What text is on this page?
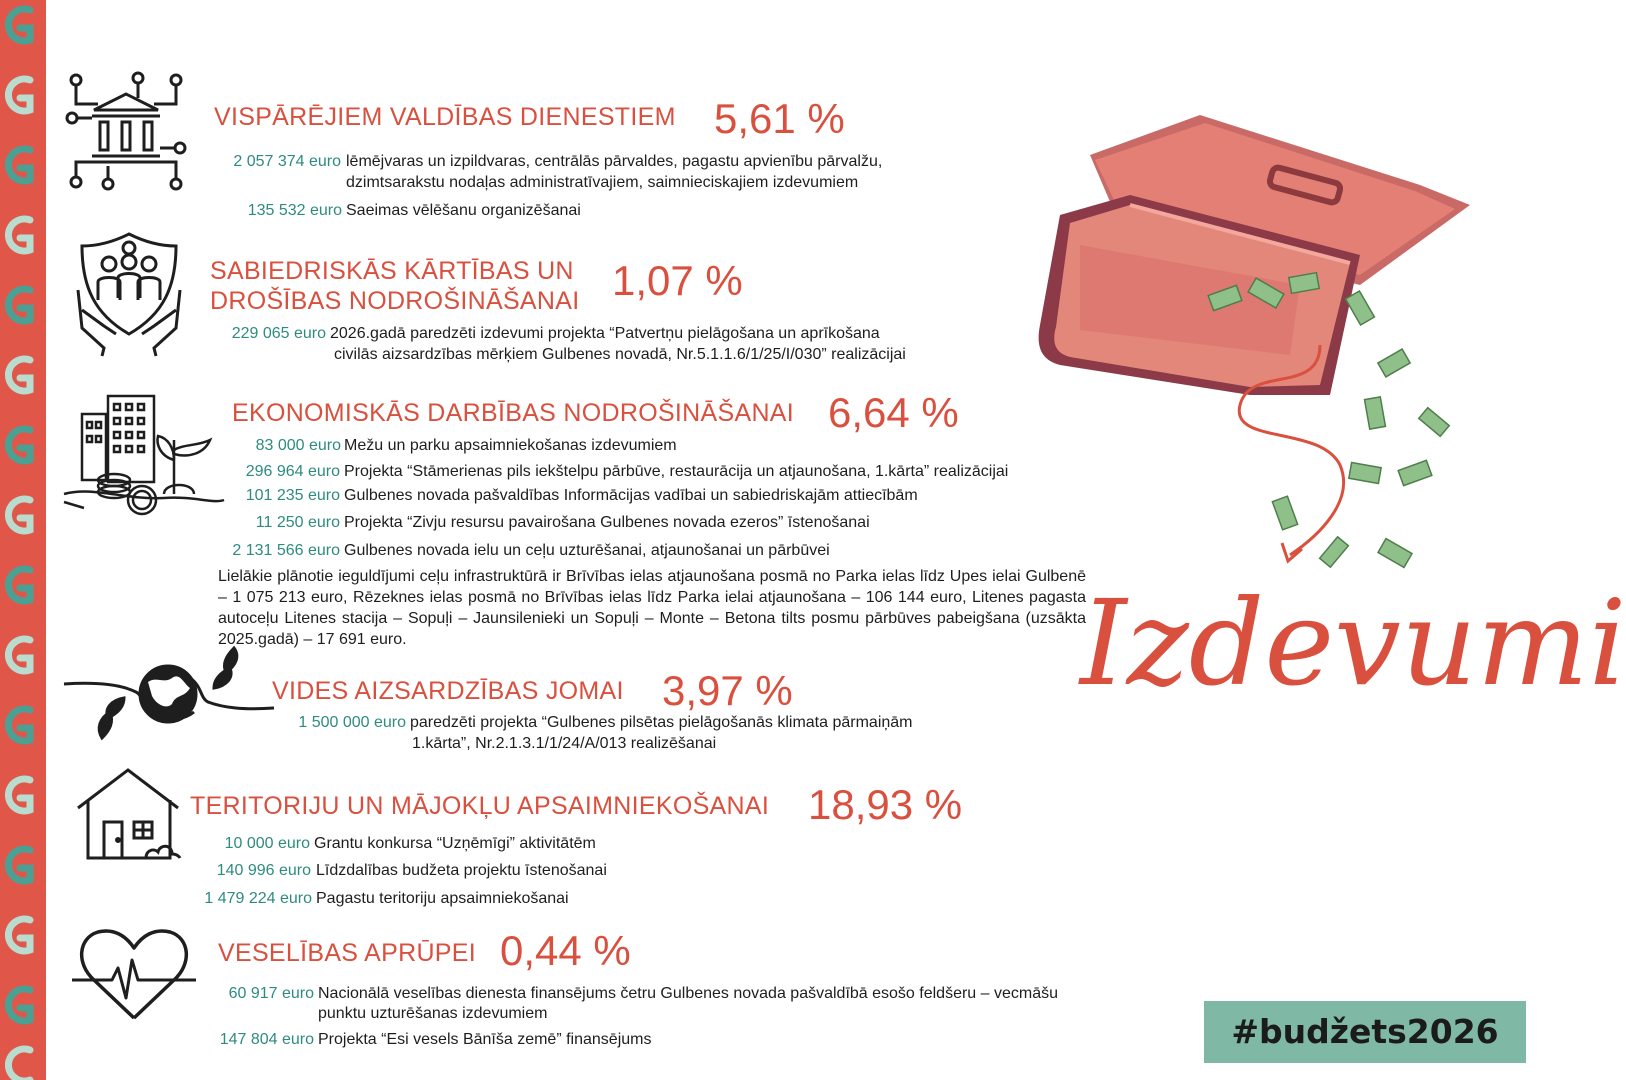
VISPĀRĒJIEM VALDĪBAS DIENESTIEM 5,61 %
2 057 374 euro lēmējvaras un izpildvaras, centrālās pārvaldes, pagastu apvienību pārvalžu,
dzimtsarakstu nodaļas administratīvajiem, saimnieciskajiem izdevumiem
135 532 euro Saeimas vēlēšanu organizēšanai
SABIEDRISKĀS KĀRTĪBAS UN
DROŠĪBAS NODROŠINĀŠANAI 1,07 %
229 065 euro 2026.gadā paredzēti izdevumi projekta “Patvertņu pielāgošana un aprīkošana
civilās aizsardzības mērķiem Gulbenes novadā, Nr.5.1.1.6/1/25/I/030” realizācijai
EKONOMISKĀS DARBĪBAS NODROŠINĀŠANAI 6,64 %
83 000 euro Mežu un parku apsaimniekošanas izdevumiem
296 964 euro Projekta “Stāmerienas pils iekštelpu pārbūve, restaurācija un atjaunošana, 1.kārta” realizācijai
101 235 euro Gulbenes novada pašvaldības Informācijas vadībai un sabiedriskajām attiecībām
11 250 euro Projekta “Zivju resursu pavairošana Gulbenes novada ezeros” īstenošanai
2 131 566 euro Gulbenes novada ielu un ceļu uzturēšanai, atjaunošanai un pārbūvei
Lielākie plānotie ieguldījumi ceļu infrastruktūrā ir Brīvības ielas atjaunošana posmā no Parka ielas līdz Upes ielai Gulbenē – 1 075 213 euro, Rēzeknes ielas posmā no Brīvības ielas līdz Parka ielai atjaunošana – 106 144 euro, Litenes pagasta autoceļu Litenes stacija – Sopuļi – Jaunsilenieki un Sopuļi – Monte – Betona tilts posmu pārbūves pabeigšana (uzsākta 2025.gadā) – 17 691 euro.
VIDES AIZSARDZĪBAS JOMAI 3,97 %
1 500 000 euro paredzēti projekta “Gulbenes pilsētas pielāgošanās klimata pārmaiņām
1.kārta”, Nr.2.1.3.1/1/24/A/013 realizēšanai
TERITORIJU UN MĀJOKĻU APSAIMNIEKOŠANAI 18,93 %
10 000 euro Grantu konkursa “Uzņēmīgi” aktivitātēm
140 996 euro Līdzdalības budžeta projektu īstenošanai
1 479 224 euro Pagastu teritoriju apsaimniekošanai
VESELĪBAS APRŪPEI 0,44 %
60 917 euro Nacionālā veselības dienesta finansējums četru Gulbenes novada pašvaldībā esošo feldšeru – vecmāšu
punktu uzturēšanas izdevumiem
147 804 euro Projekta “Esi vesels Bānīša zemē” finansējums
Izdevumi
#budžets2026
